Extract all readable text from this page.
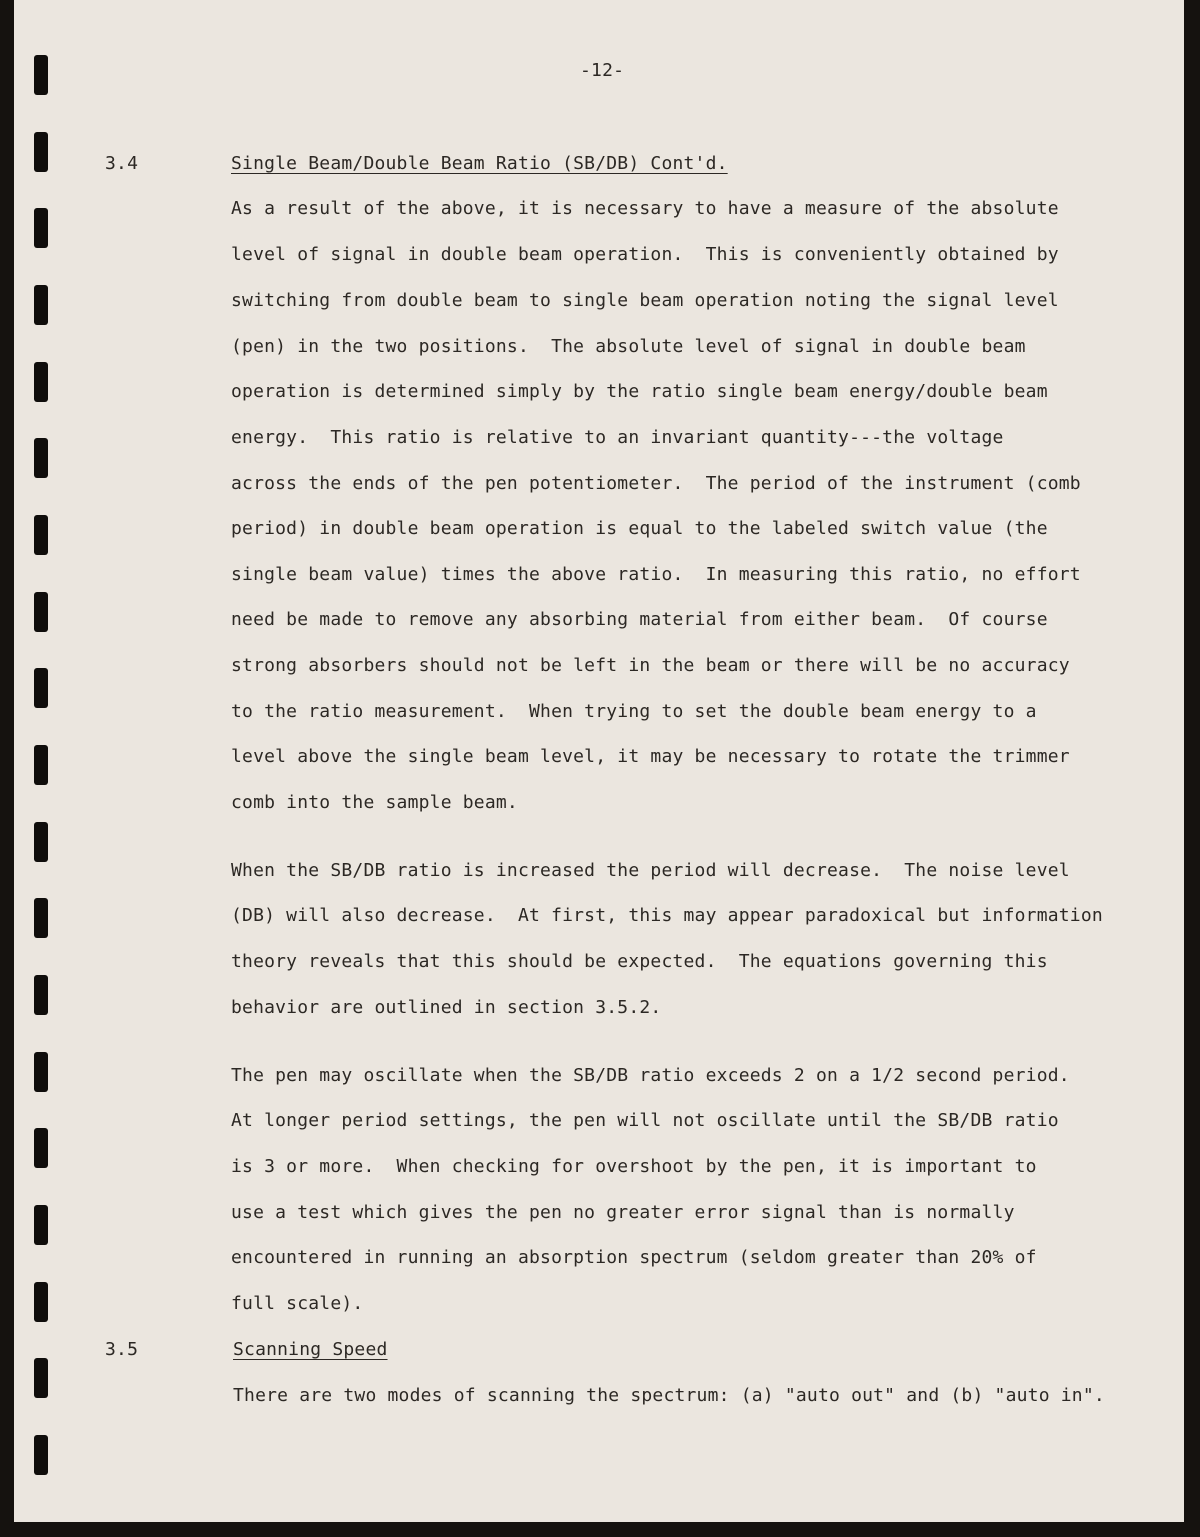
-12-
3.4	Single Beam/Double Beam Ratio (SB/DB) Cont'd.
As a result of the above, it is necessary to have a measure of the absolute
level of signal in double beam operation.  This is conveniently obtained by
switching from double beam to single beam operation noting the signal level
(pen) in the two positions.  The absolute level of signal in double beam
operation is determined simply by the ratio single beam energy/double beam
energy.  This ratio is relative to an invariant quantity---the voltage
across the ends of the pen potentiometer.  The period of the instrument (comb
period) in double beam operation is equal to the labeled switch value (the
single beam value) times the above ratio.  In measuring this ratio, no effort
need be made to remove any absorbing material from either beam.  Of course
strong absorbers should not be left in the beam or there will be no accuracy
to the ratio measurement.  When trying to set the double beam energy to a
level above the single beam level, it may be necessary to rotate the trimmer
comb into the sample beam.
When the SB/DB ratio is increased the period will decrease.  The noise level
(DB) will also decrease.  At first, this may appear paradoxical but information
theory reveals that this should be expected.  The equations governing this
behavior are outlined in section 3.5.2.
The pen may oscillate when the SB/DB ratio exceeds 2 on a 1/2 second period.
At longer period settings, the pen will not oscillate until the SB/DB ratio
is 3 or more.  When checking for overshoot by the pen, it is important to
use a test which gives the pen no greater error signal than is normally
encountered in running an absorption spectrum (seldom greater than 20% of
full scale).
3.5	Scanning Speed
There are two modes of scanning the spectrum: (a) "auto out" and (b) "auto in".
